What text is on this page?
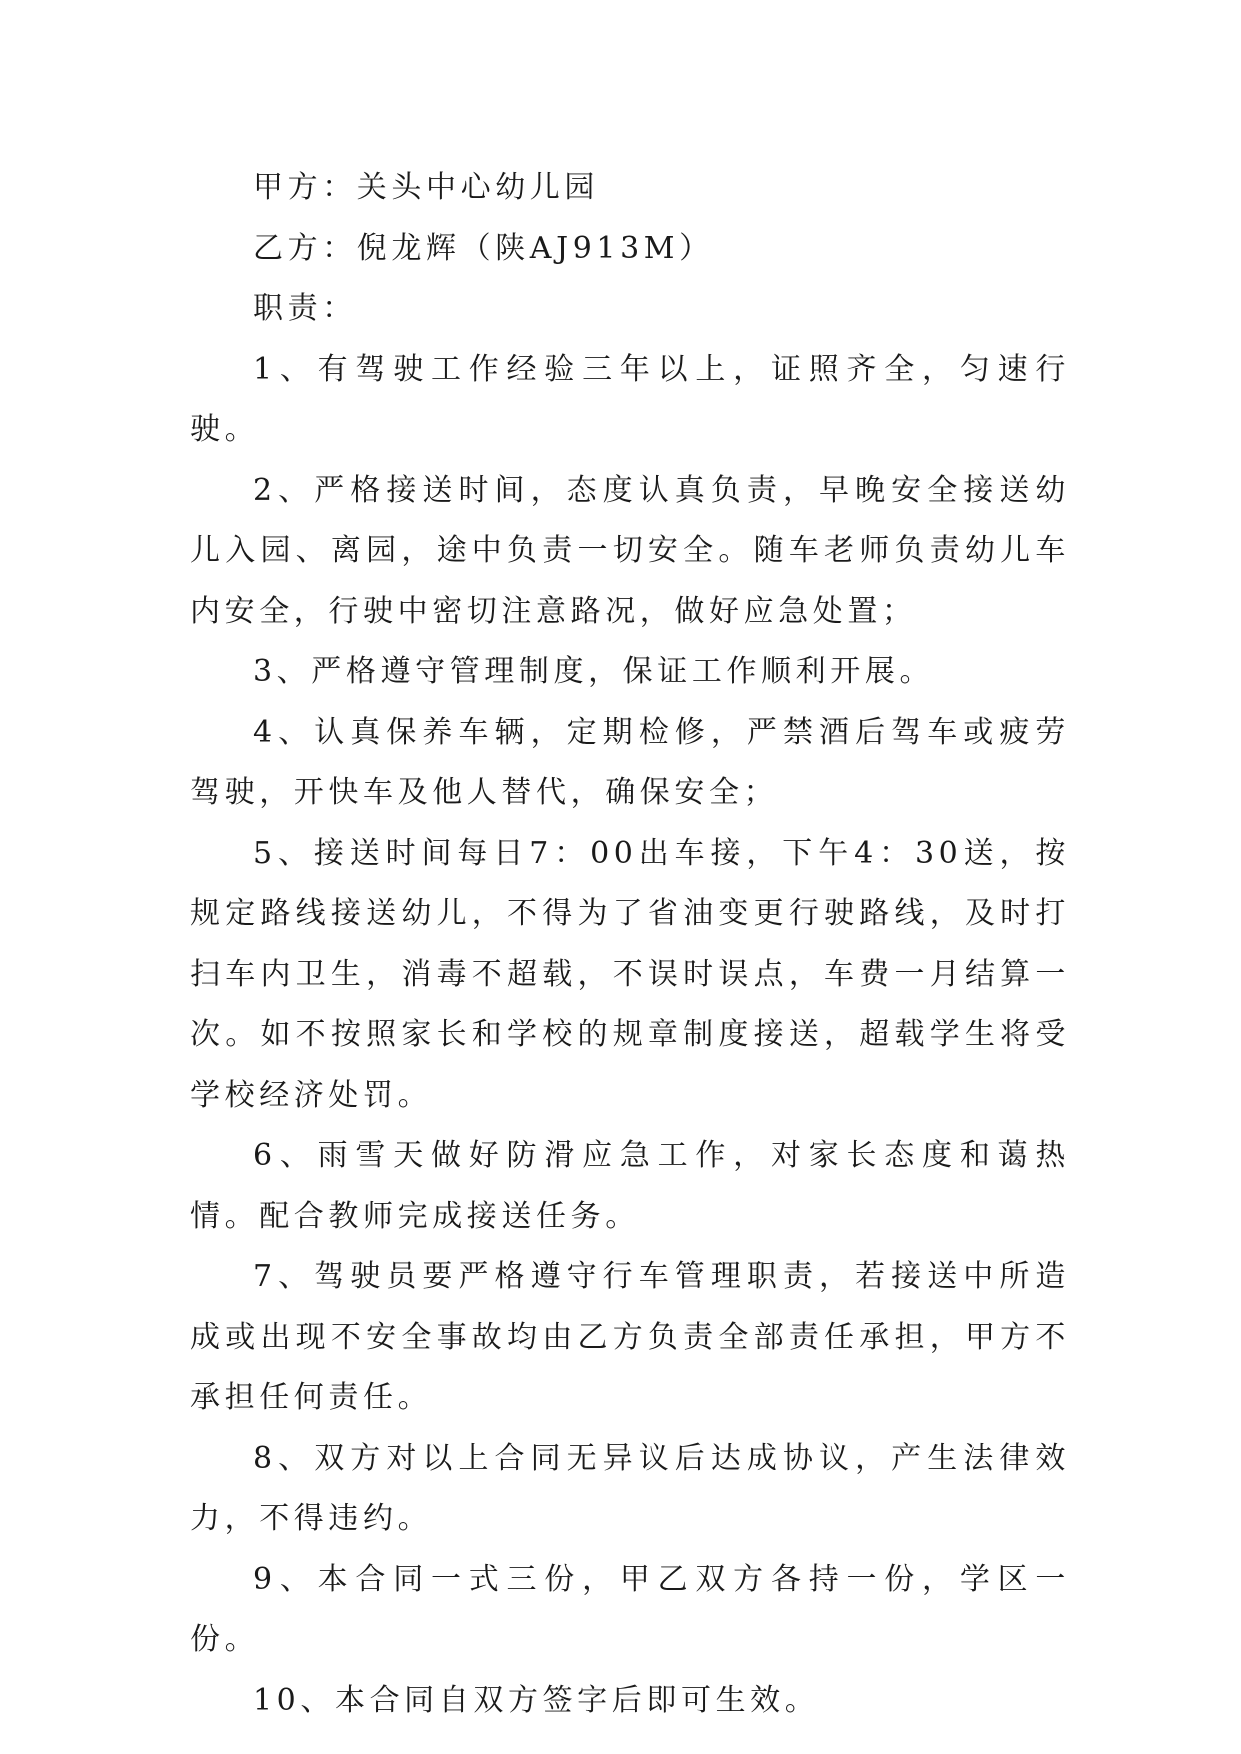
甲方：关头中心幼儿园

乙方：倪龙辉（陕AJ913M）

职责：

1、有驾驶工作经验三年以上，证照齐全，匀速行驶。

2、严格接送时间，态度认真负责，早晚安全接送幼儿入园、离园，途中负责一切安全。随车老师负责幼儿车内安全，行驶中密切注意路况，做好应急处置；

3、严格遵守管理制度，保证工作顺利开展。

4、认真保养车辆，定期检修，严禁酒后驾车或疲劳驾驶，开快车及他人替代，确保安全；

5、接送时间每日7：00出车接，下午4：30送，按规定路线接送幼儿，不得为了省油变更行驶路线，及时打扫车内卫生，消毒不超载，不误时误点，车费一月结算一次。如不按照家长和学校的规章制度接送，超载学生将受学校经济处罚。

6、雨雪天做好防滑应急工作，对家长态度和蔼热情。配合教师完成接送任务。

7、驾驶员要严格遵守行车管理职责，若接送中所造成或出现不安全事故均由乙方负责全部责任承担，甲方不承担任何责任。

8、双方对以上合同无异议后达成协议，产生法律效力，不得违约。

9、本合同一式三份，甲乙双方各持一份，学区一份。

10、本合同自双方签字后即可生效。
